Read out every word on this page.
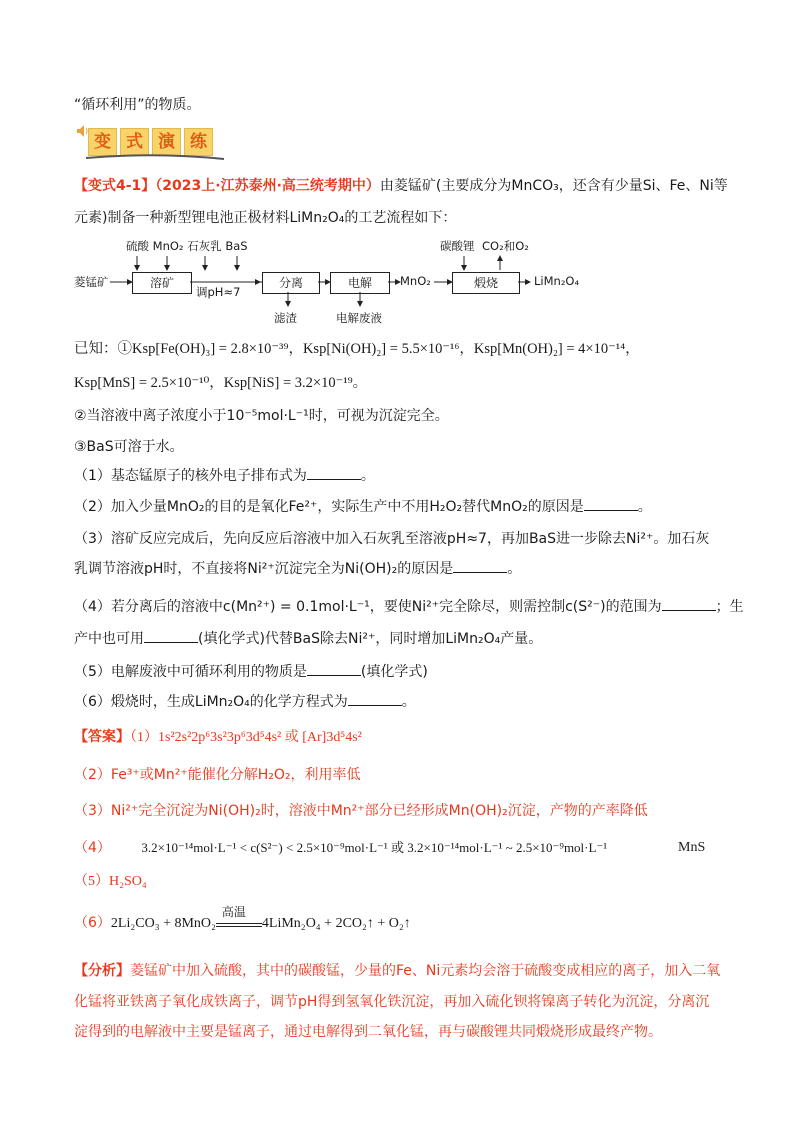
“循环利用”的物质。
变 式 演 练
【变式4-1】（2023上·江苏泰州·高三统考期中）由菱锰矿(主要成分为MnCO₃，还含有少量Si、Fe、Ni等
元素)制备一种新型锂电池正极材料LiMn₂O₄的工艺流程如下：
菱锰矿
硫酸 MnO₂ 石灰乳 BaS
溶矿
调pH≈7
分离
滤渣
电解
电解废液
MnO₂
碳酸锂 CO₂和O₂
煅烧	LiMn₂O₄
已知：①Ksp[Fe(OH)₃] = 2.8×10⁻³⁹，Ksp[Ni(OH)₂] = 5.5×10⁻¹⁶，Ksp[Mn(OH)₂] = 4×10⁻¹⁴，
Ksp[MnS] = 2.5×10⁻¹⁰，Ksp[NiS] = 3.2×10⁻¹⁹。
②当溶液中离子浓度小于10⁻⁵mol·L⁻¹时，可视为沉淀完全。
③BaS可溶于水。
（1）基态锰原子的核外电子排布式为	。
（2）加入少量MnO₂的目的是氧化Fe²⁺，实际生产中不用H₂O₂替代MnO₂的原因是	。
（3）溶矿反应完成后，先向反应后溶液中加入石灰乳至溶液pH≈7，再加BaS进一步除去Ni²⁺。加石灰
乳调节溶液pH时，不直接将Ni²⁺沉淀完全为Ni(OH)₂的原因是	。
（4）若分离后的溶液中c(Mn²⁺) = 0.1mol·L⁻¹，要使Ni²⁺完全除尽，则需控制c(S²⁻)的范围为	；生
产中也可用	(填化学式)代替BaS除去Ni²⁺，同时增加LiMn₂O₄产量。
（5）电解废液中可循环利用的物质是	(填化学式)
（6）煅烧时，生成LiMn₂O₄的化学方程式为	。
【答案】（1）1s²2s²2p⁶3s²3p⁶3d⁵4s² 或 [Ar]3d⁵4s²
（2）Fe³⁺或Mn²⁺能催化分解H₂O₂，利用率低
（3）Ni²⁺完全沉淀为Ni(OH)₂时，溶液中Mn²⁺部分已经形成Mn(OH)₂沉淀，产物的产率降低
（4） 3.2×10⁻¹⁴mol·L⁻¹ < c(S²⁻) < 2.5×10⁻⁹mol·L⁻¹ 或 3.2×10⁻¹⁴mol·L⁻¹ ~ 2.5×10⁻⁹mol·L⁻¹	MnS
（5）H₂SO₄
（6）2Li₂CO₃ + 8MnO₂
高温
4LiMn₂O₄ + 2CO₂↑ + O₂↑
【分析】菱锰矿中加入硫酸，其中的碳酸锰，少量的Fe、Ni元素均会溶于硫酸变成相应的离子，加入二氧
化锰将亚铁离子氧化成铁离子，调节pH得到氢氧化铁沉淀，再加入硫化钡将镍离子转化为沉淀，分离沉
淀得到的电解液中主要是锰离子，通过电解得到二氧化锰，再与碳酸锂共同煅烧形成最终产物。
